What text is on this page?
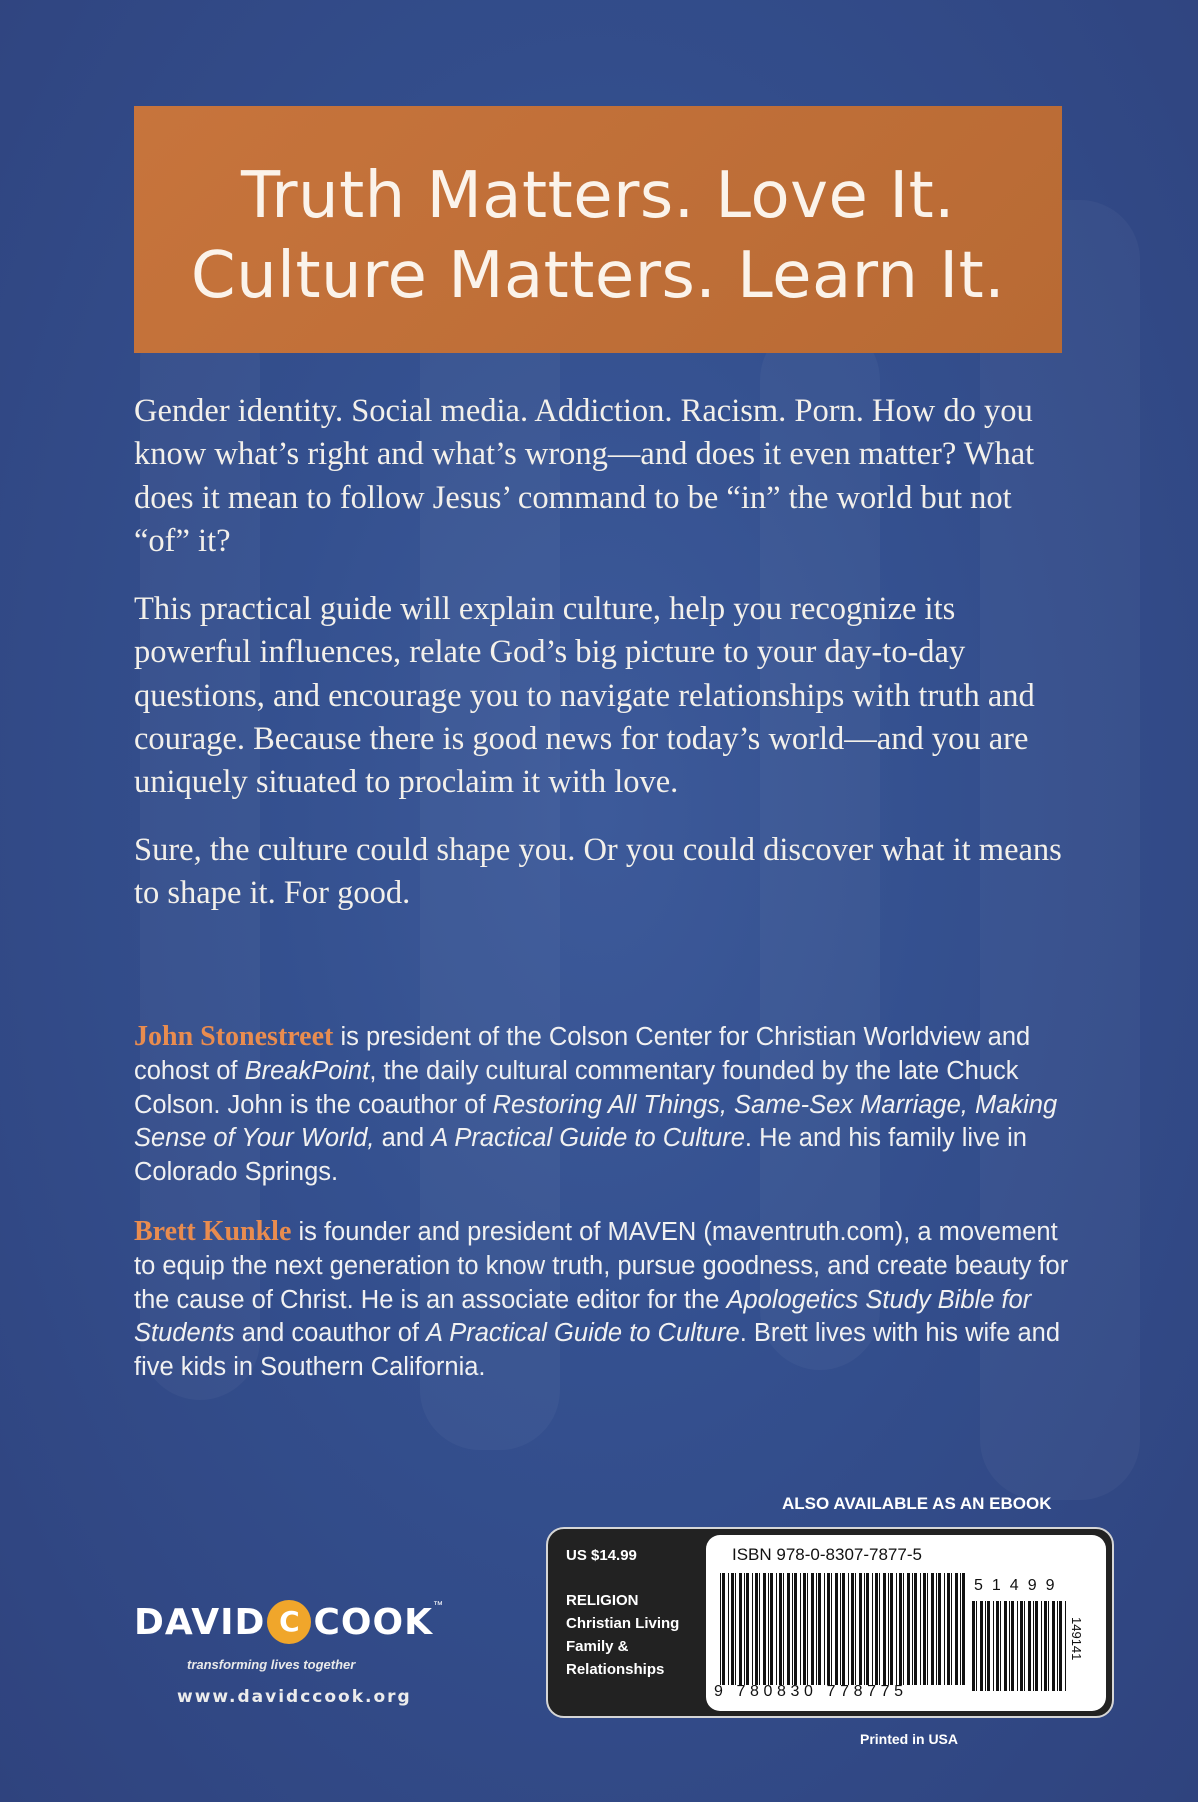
Truth Matters. Love It.
Culture Matters. Learn It.

Gender identity. Social media. Addiction. Racism. Porn. How do you know what’s right and what’s wrong—and does it even matter? What does it mean to follow Jesus’ command to be “in” the world but not “of” it?

This practical guide will explain culture, help you recognize its powerful influences, relate God’s big picture to your day-to-day questions, and encourage you to navigate relationships with truth and courage. Because there is good news for today’s world—and you are uniquely situated to proclaim it with love.

Sure, the culture could shape you. Or you could discover what it means to shape it. For good.

John Stonestreet is president of the Colson Center for Christian Worldview and cohost of BreakPoint, the daily cultural commentary founded by the late Chuck Colson. John is the coauthor of Restoring All Things, Same-Sex Marriage, Making Sense of Your World, and A Practical Guide to Culture. He and his family live in Colorado Springs.

Brett Kunkle is founder and president of MAVEN (maventruth.com), a movement to equip the next generation to know truth, pursue goodness, and create beauty for the cause of Christ. He is an associate editor for the Apologetics Study Bible for Students and coauthor of A Practical Guide to Culture. Brett lives with his wife and five kids in Southern California.

DAVID C COOK™
transforming lives together
www.davidccook.org
ALSO AVAILABLE AS AN EBOOK
US $14.99
RELIGION
Christian Living
Family &
Relationships
ISBN 978-0-8307-7877-5
51499
9 780830 778775
149141
Printed in USA
